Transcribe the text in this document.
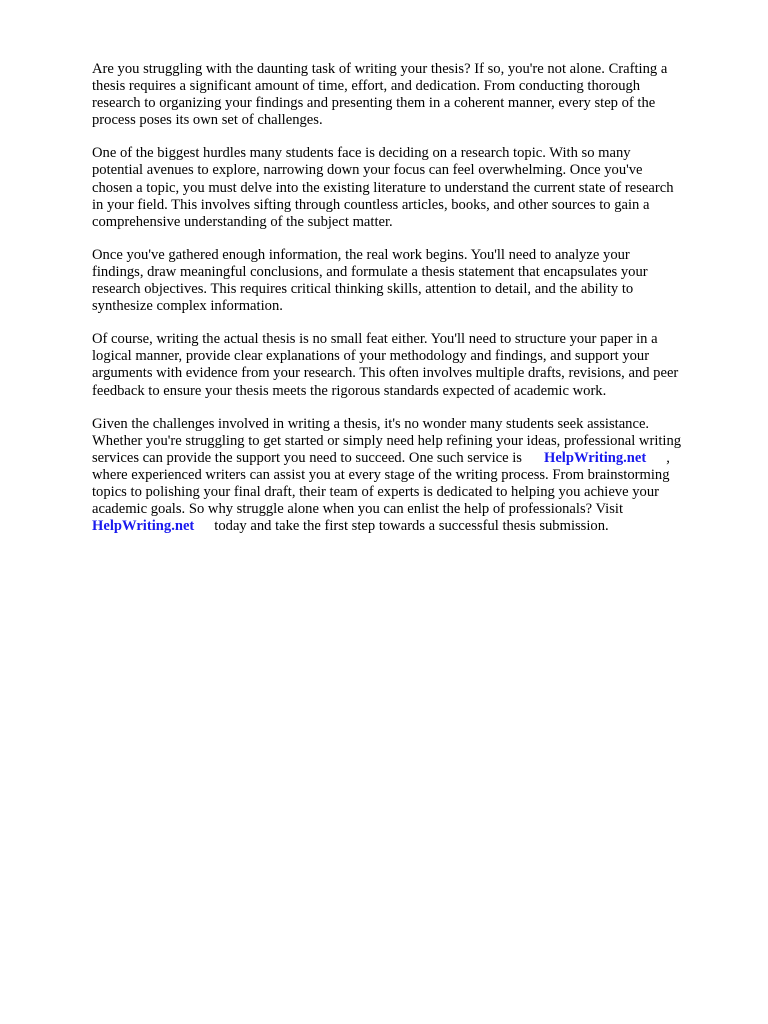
Are you struggling with the daunting task of writing your thesis? If so, you're not alone. Crafting a
thesis requires a significant amount of time, effort, and dedication. From conducting thorough
research to organizing your findings and presenting them in a coherent manner, every step of the
process poses its own set of challenges.

One of the biggest hurdles many students face is deciding on a research topic. With so many
potential avenues to explore, narrowing down your focus can feel overwhelming. Once you've
chosen a topic, you must delve into the existing literature to understand the current state of research
in your field. This involves sifting through countless articles, books, and other sources to gain a
comprehensive understanding of the subject matter.

Once you've gathered enough information, the real work begins. You'll need to analyze your
findings, draw meaningful conclusions, and formulate a thesis statement that encapsulates your
research objectives. This requires critical thinking skills, attention to detail, and the ability to
synthesize complex information.

Of course, writing the actual thesis is no small feat either. You'll need to structure your paper in a
logical manner, provide clear explanations of your methodology and findings, and support your
arguments with evidence from your research. This often involves multiple drafts, revisions, and peer
feedback to ensure your thesis meets the rigorous standards expected of academic work.

Given the challenges involved in writing a thesis, it's no wonder many students seek assistance.
Whether you're struggling to get started or simply need help refining your ideas, professional writing
services can provide the support you need to succeed. One such service is HelpWriting.net ,
where experienced writers can assist you at every stage of the writing process. From brainstorming
topics to polishing your final draft, their team of experts is dedicated to helping you achieve your
academic goals. So why struggle alone when you can enlist the help of professionals? Visit
HelpWriting.net today and take the first step towards a successful thesis submission.
